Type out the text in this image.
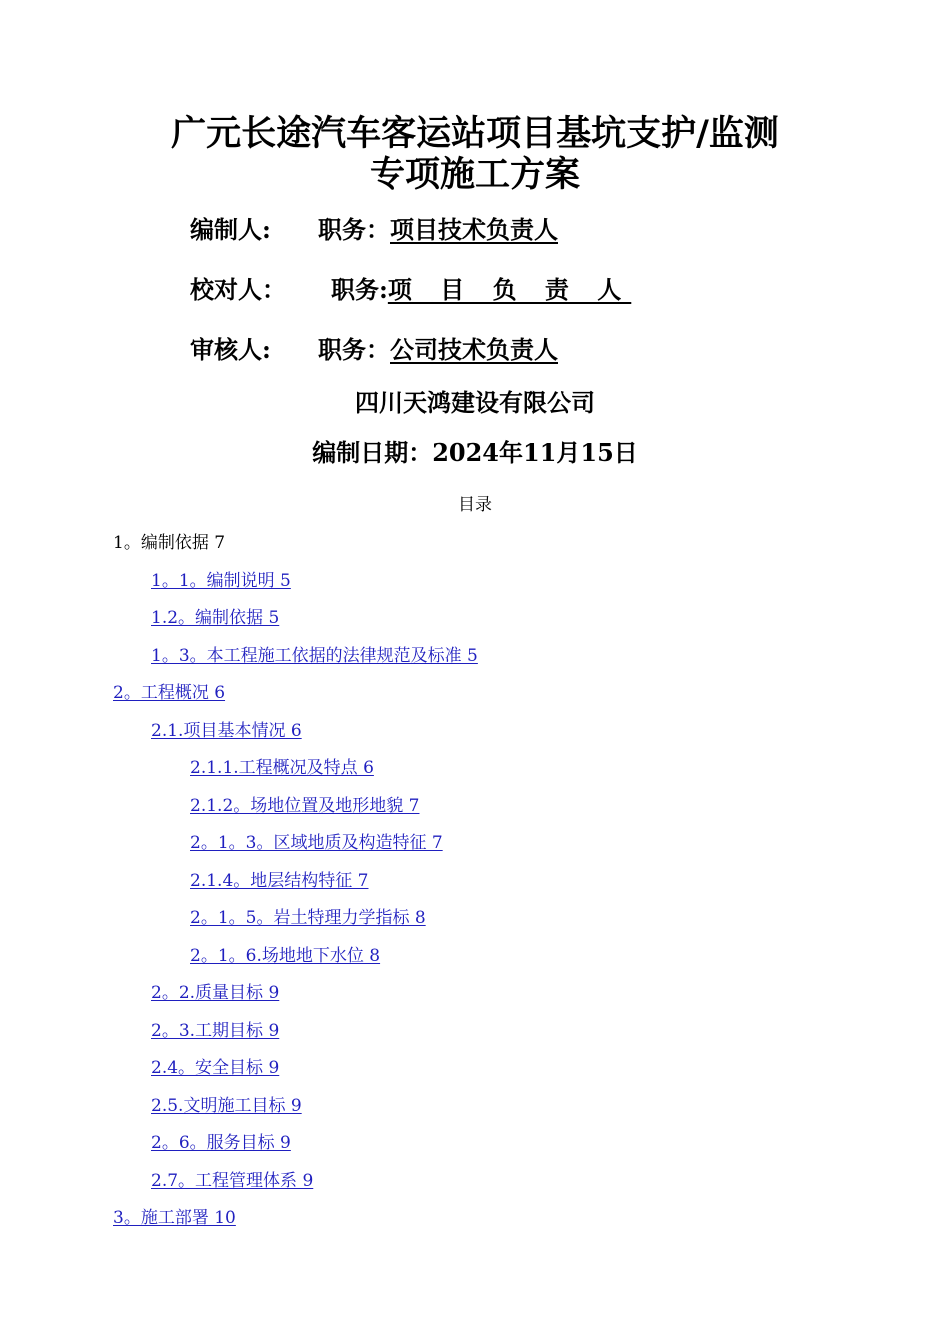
广元长途汽车客运站项目基坑支护/监测
专项施工方案
编制人: 职务：项目技术负责人
校对人： 职务:项 目 负 责 人
审核人: 职务：公司技术负责人
四川天鸿建设有限公司
编制日期：2024年11月15日
目录
1。编制依据 7
1。1。编制说明 5
1.2。编制依据 5
1。3。本工程施工依据的法律规范及标准 5
2。工程概况 6
2.1.项目基本情况 6
2.1.1.工程概况及特点 6
2.1.2。场地位置及地形地貌 7
2。1。3。区域地质及构造特征 7
2.1.4。地层结构特征 7
2。1。5。岩土特理力学指标 8
2。1。6.场地地下水位 8
2。2.质量目标 9
2。3.工期目标 9
2.4。安全目标 9
2.5.文明施工目标 9
2。6。服务目标 9
2.7。工程管理体系 9
3。施工部署 10
